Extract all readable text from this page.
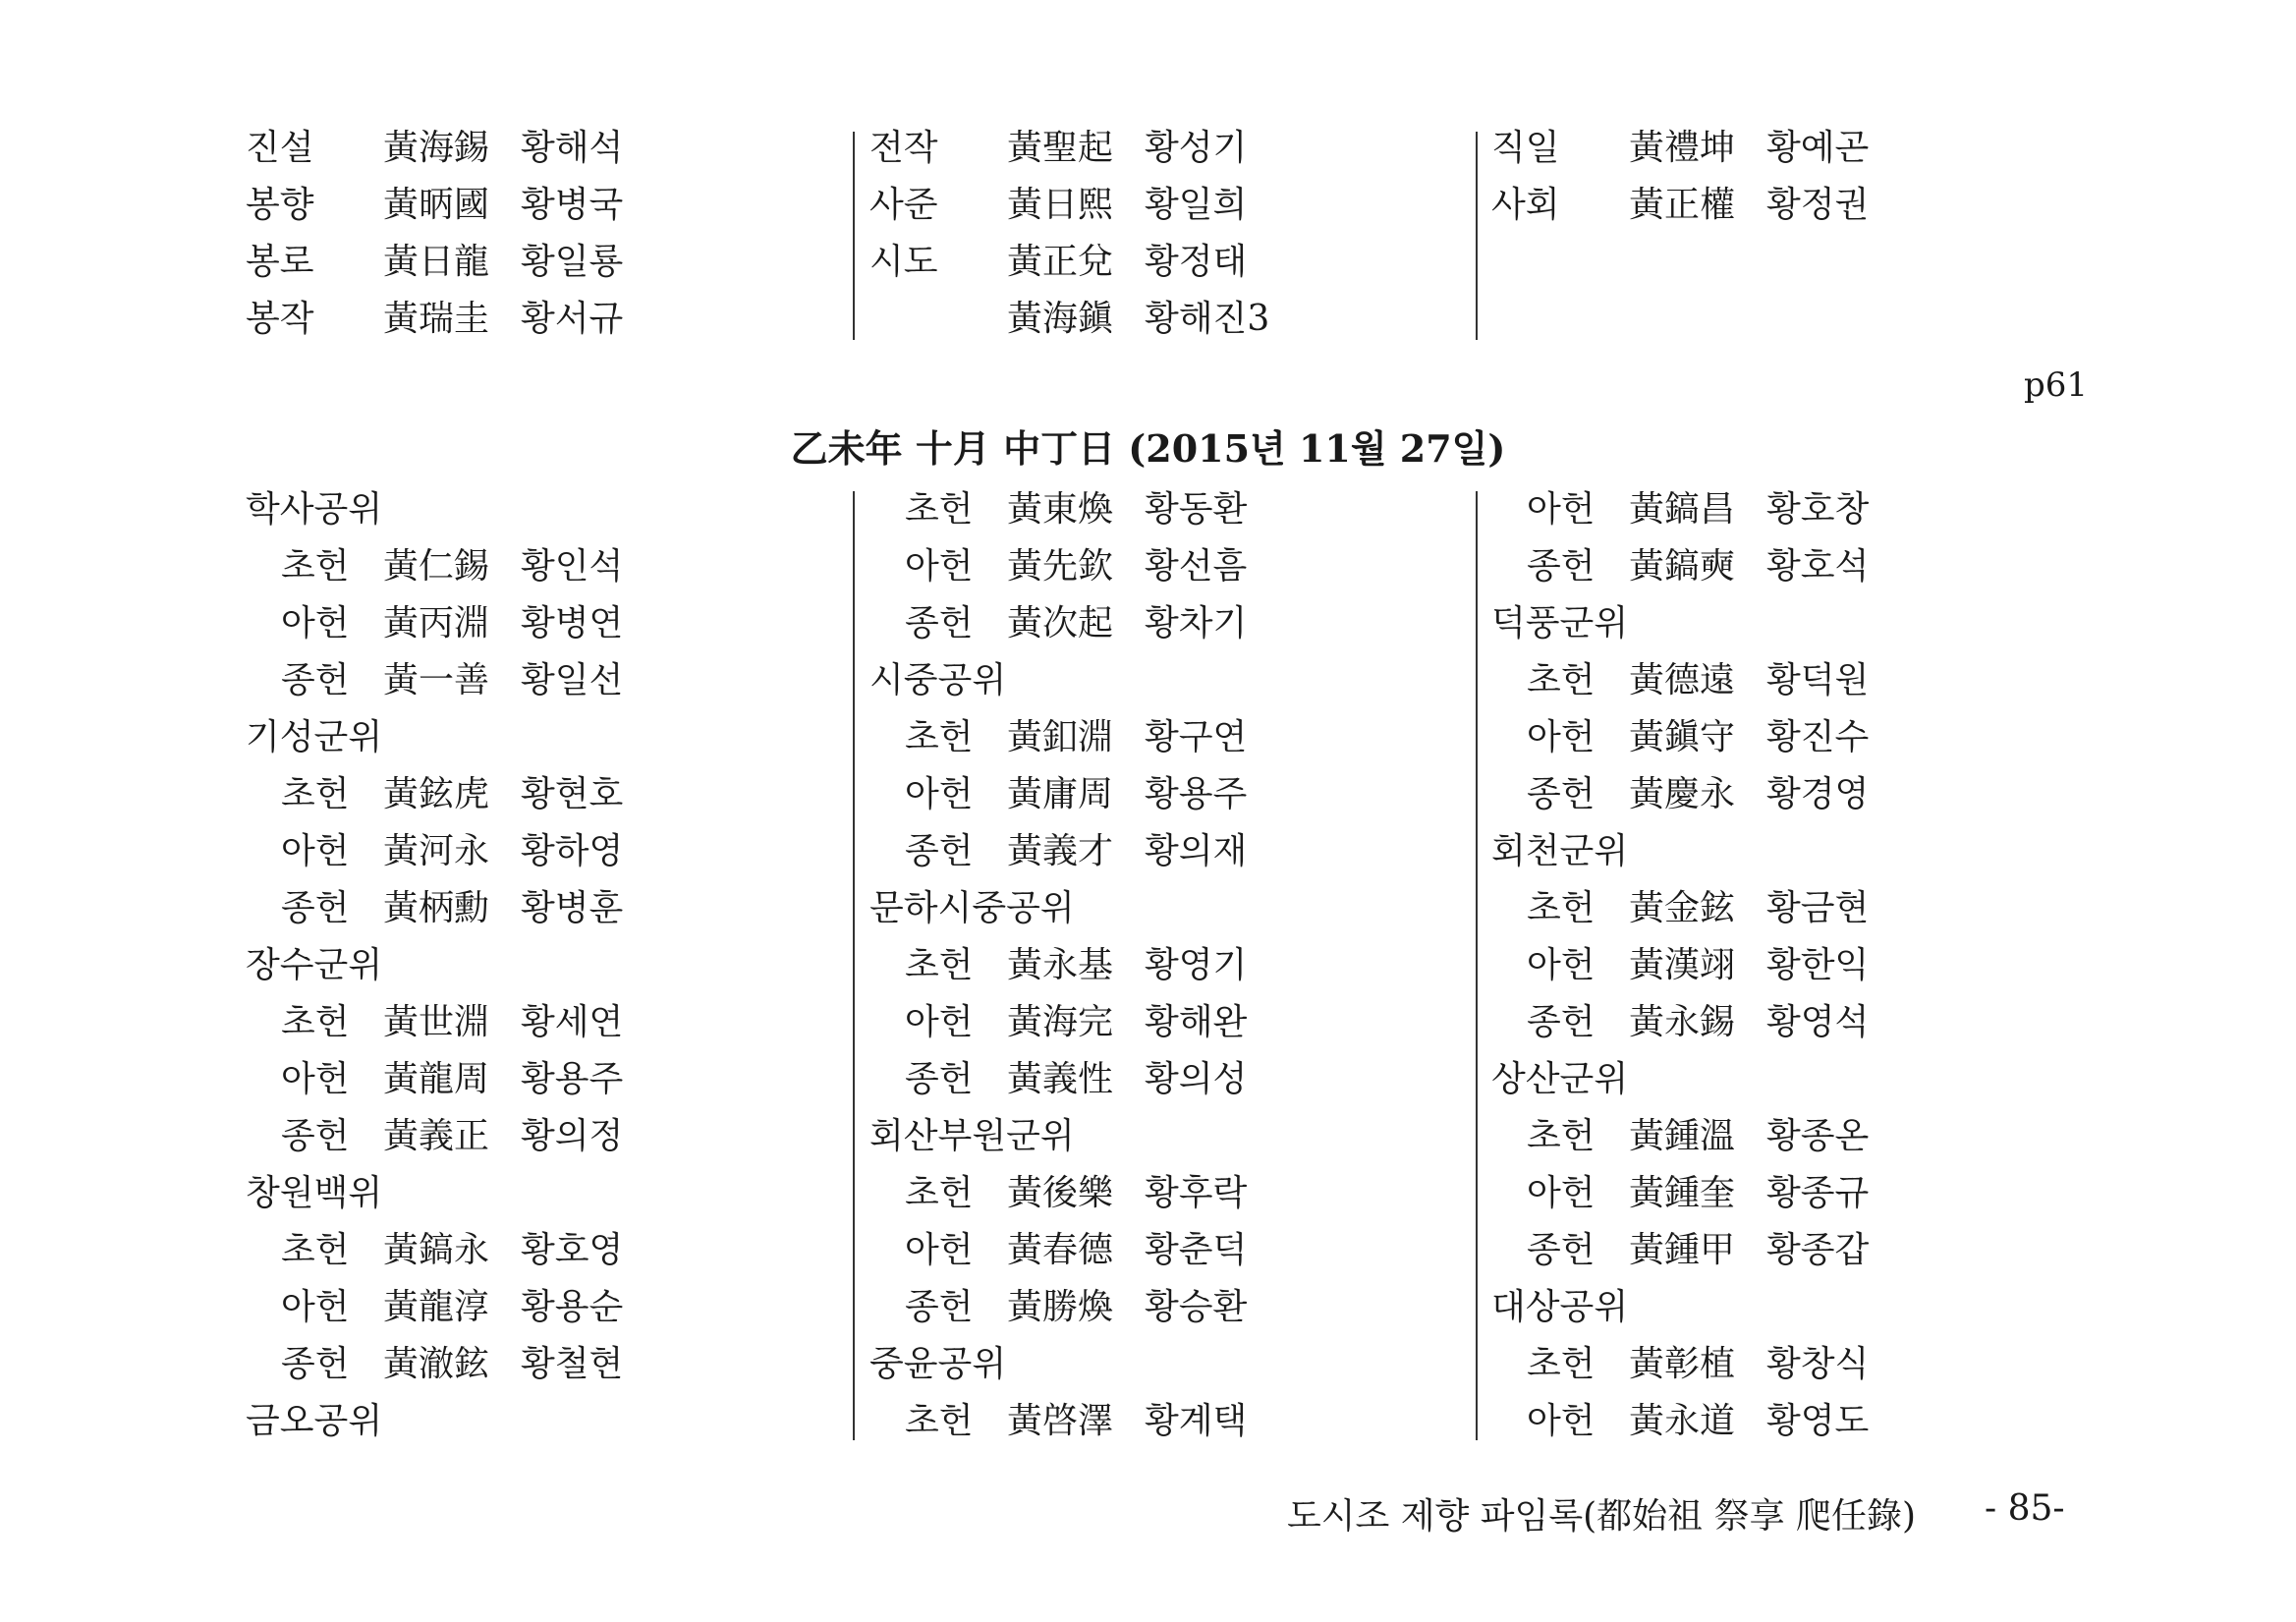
진설 黃海錫 황해석
봉향 黃昞國 황병국
봉로 黃日龍 황일룡
봉작 黃瑞圭 황서규
전작 黃聖起 황성기
사준 黃日熙 황일희
시도 黃正兌 황정태
黃海鎭 황해진3
직일 黃禮坤 황예곤
사회 黃正權 황정권
p61
乙未年 十月 中丁日 (2015년 11월 27일)
학사공위
초헌 黃仁錫 황인석
아헌 黃丙淵 황병연
종헌 黃一善 황일선
기성군위
초헌 黃鉉虎 황현호
아헌 黃河永 황하영
종헌 黃柄勳 황병훈
장수군위
초헌 黃世淵 황세연
아헌 黃龍周 황용주
종헌 黃義正 황의정
창원백위
초헌 黃鎬永 황호영
아헌 黃龍淳 황용순
종헌 黃澈鉉 황철현
금오공위
초헌 黃東煥 황동환
아헌 黃先欽 황선흠
종헌 黃次起 황차기
시중공위
초헌 黃釦淵 황구연
아헌 黃庸周 황용주
종헌 黃義才 황의재
문하시중공위
초헌 黃永基 황영기
아헌 黃海完 황해완
종헌 黃義性 황의성
회산부원군위
초헌 黃後樂 황후락
아헌 黃春德 황춘덕
종헌 黃勝煥 황승환
중윤공위
초헌 黃啓澤 황계택
아헌 黃鎬昌 황호창
종헌 黃鎬奭 황호석
덕풍군위
초헌 黃德遠 황덕원
아헌 黃鎭守 황진수
종헌 黃慶永 황경영
회천군위
초헌 黃金鉉 황금현
아헌 黃漢翊 황한익
종헌 黃永錫 황영석
상산군위
초헌 黃鍾溫 황종온
아헌 黃鍾奎 황종규
종헌 黃鍾甲 황종갑
대상공위
초헌 黃彰植 황창식
아헌 黃永道 황영도
도시조 제향 파임록(都始祖 祭享 爬任錄) - 85-
